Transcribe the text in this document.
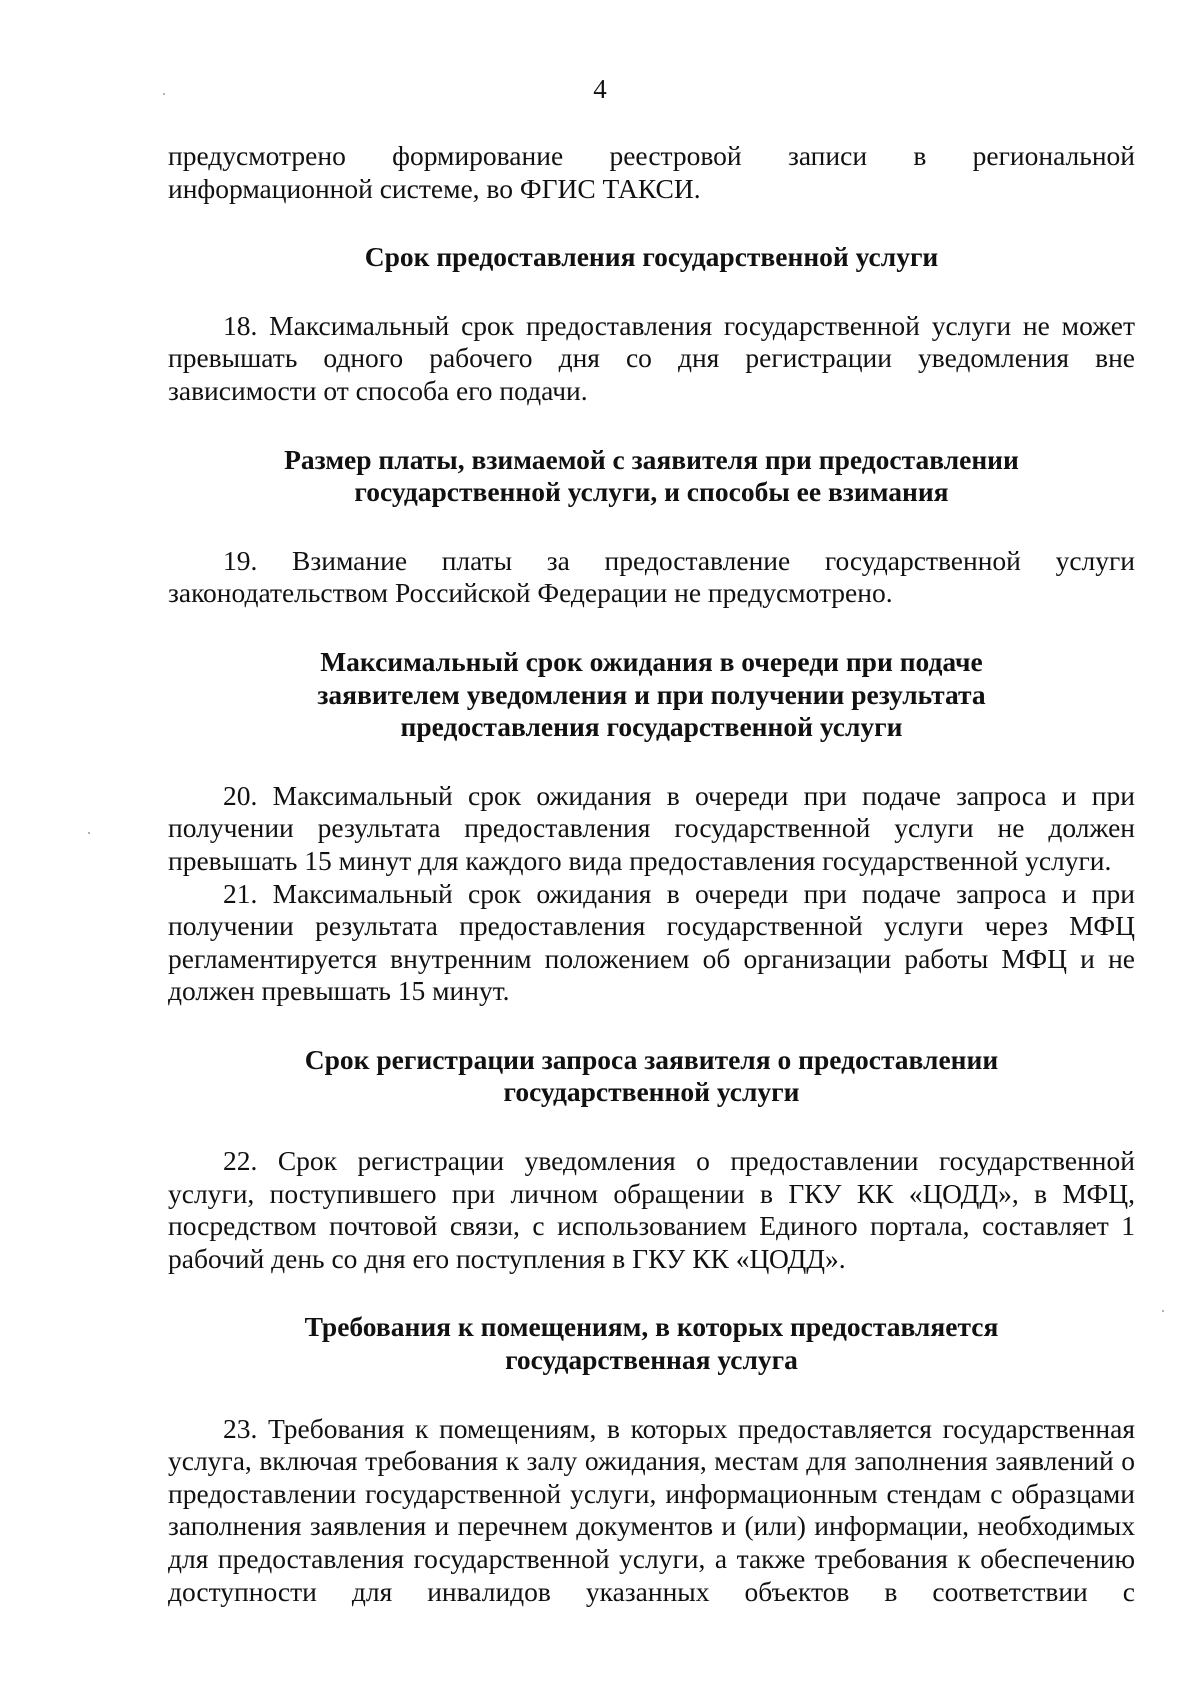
4

предусмотрено формирование реестровой записи в региональной информационной системе, во ФГИС ТАКСИ.

Срок предоставления государственной услуги

18. Максимальный срок предоставления государственной услуги не может превышать одного рабочего дня со дня регистрации уведомления вне зависимости от способа его подачи.

Размер платы, взимаемой с заявителя при предоставлении государственной услуги, и способы ее взимания

19. Взимание платы за предоставление государственной услуги законодательством Российской Федерации не предусмотрено.

Максимальный срок ожидания в очереди при подаче заявителем уведомления и при получении результата предоставления государственной услуги

20. Максимальный срок ожидания в очереди при подаче запроса и при получении результата предоставления государственной услуги не должен превышать 15 минут для каждого вида предоставления государственной услуги.

21. Максимальный срок ожидания в очереди при подаче запроса и при получении результата предоставления государственной услуги через МФЦ регламентируется внутренним положением об организации работы МФЦ и не должен превышать 15 минут.

Срок регистрации запроса заявителя о предоставлении государственной услуги

22. Срок регистрации уведомления о предоставлении государственной услуги, поступившего при личном обращении в ГКУ КК «ЦОДД», в МФЦ, посредством почтовой связи, с использованием Единого портала, составляет 1 рабочий день со дня его поступления в ГКУ КК «ЦОДД».

Требования к помещениям, в которых предоставляется государственная услуга

23. Требования к помещениям, в которых предоставляется государственная услуга, включая требования к залу ожидания, местам для заполнения заявлений о предоставлении государственной услуги, информационным стендам с образцами заполнения заявления и перечнем документов и (или) информации, необходимых для предоставления государственной услуги, а также требования к обеспечению доступности для инвалидов указанных объектов в соответствии с
